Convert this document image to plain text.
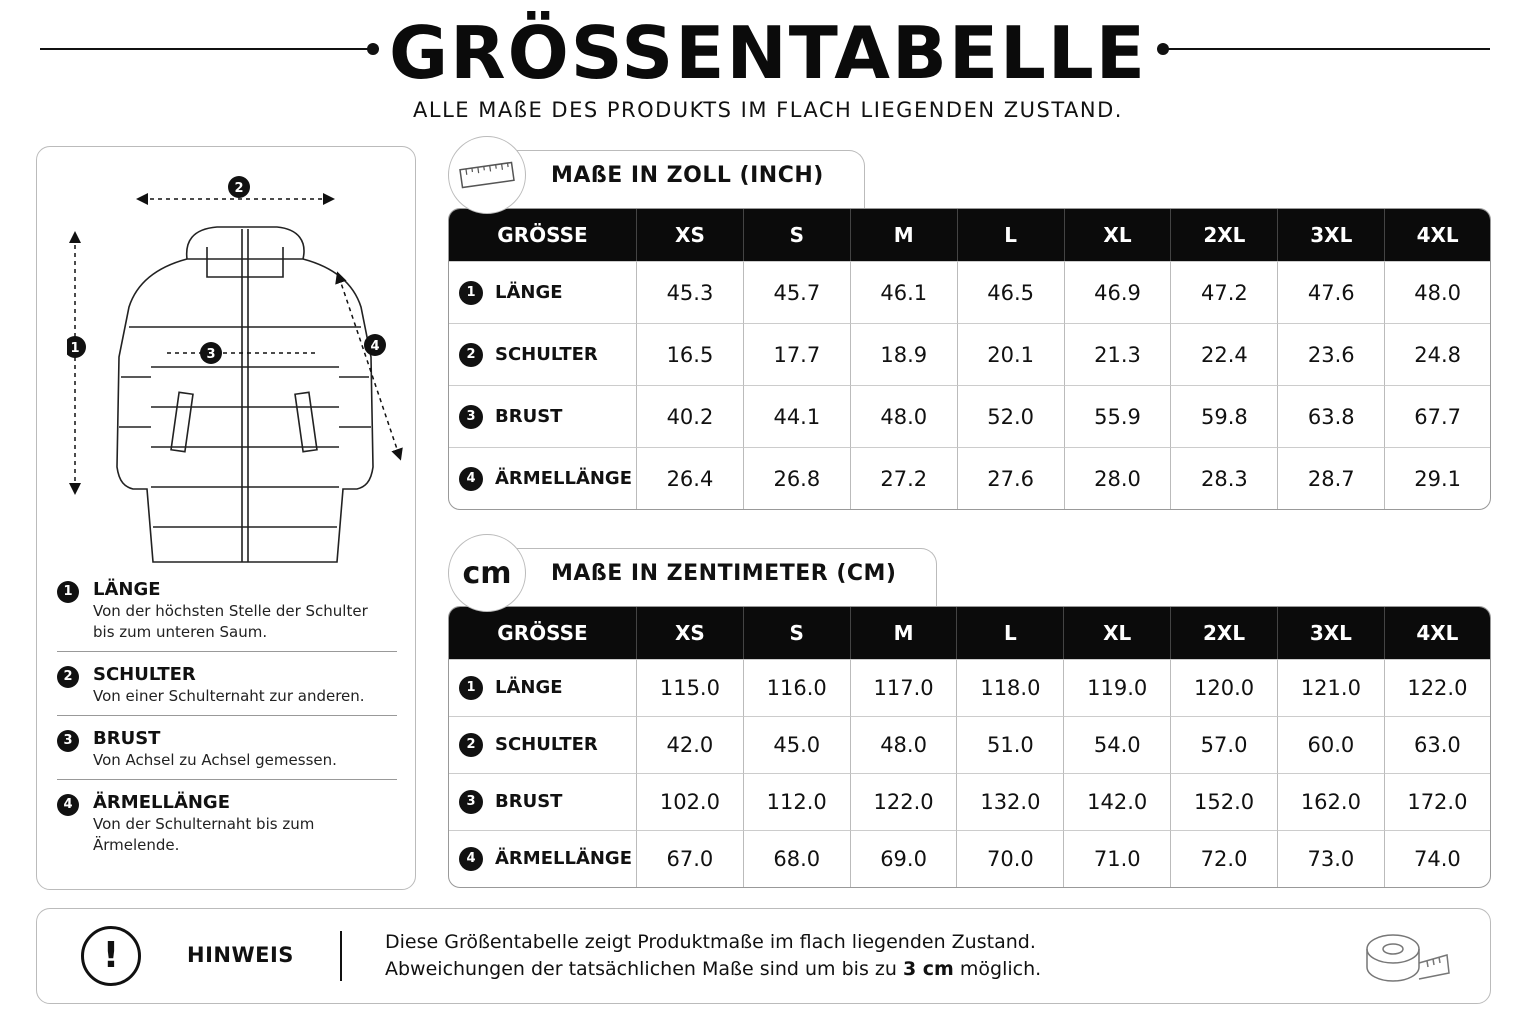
GRÖSSENTABELLE
ALLE MAßE DES PRODUKTS IM FLACH LIEGENDEN ZUSTAND.
1
2
3
4
1	LÄNGE
Von der höchsten Stelle der Schulter
bis zum unteren Saum.
2	SCHULTER
Von einer Schulternaht zur anderen.
3	BRUST
Von Achsel zu Achsel gemessen.
4	ÄRMELLÄNGE
Von der Schulternaht bis zum
Ärmelende.
MAßE IN ZOLL (INCH)
GRÖSSE	XS	S	M	L	XL	2XL	3XL	4XL
1 LÄNGE	45.3	45.7	46.1	46.5	46.9	47.2	47.6	48.0
2 SCHULTER	16.5	17.7	18.9	20.1	21.3	22.4	23.6	24.8
3 BRUST	40.2	44.1	48.0	52.0	55.9	59.8	63.8	67.7
4 ÄRMELLÄNGE	26.4	26.8	27.2	27.6	28.0	28.3	28.7	29.1
cm	MAßE IN ZENTIMETER (CM)
GRÖSSE	XS	S	M	L	XL	2XL	3XL	4XL
1 LÄNGE	115.0	116.0	117.0	118.0	119.0	120.0	121.0	122.0
2 SCHULTER	42.0	45.0	48.0	51.0	54.0	57.0	60.0	63.0
3 BRUST	102.0	112.0	122.0	132.0	142.0	152.0	162.0	172.0
4 ÄRMELLÄNGE	67.0	68.0	69.0	70.0	71.0	72.0	73.0	74.0
!	HINWEIS
Diese Größentabelle zeigt Produktmaße im flach liegenden Zustand.
Abweichungen der tatsächlichen Maße sind um bis zu 3 cm möglich.
